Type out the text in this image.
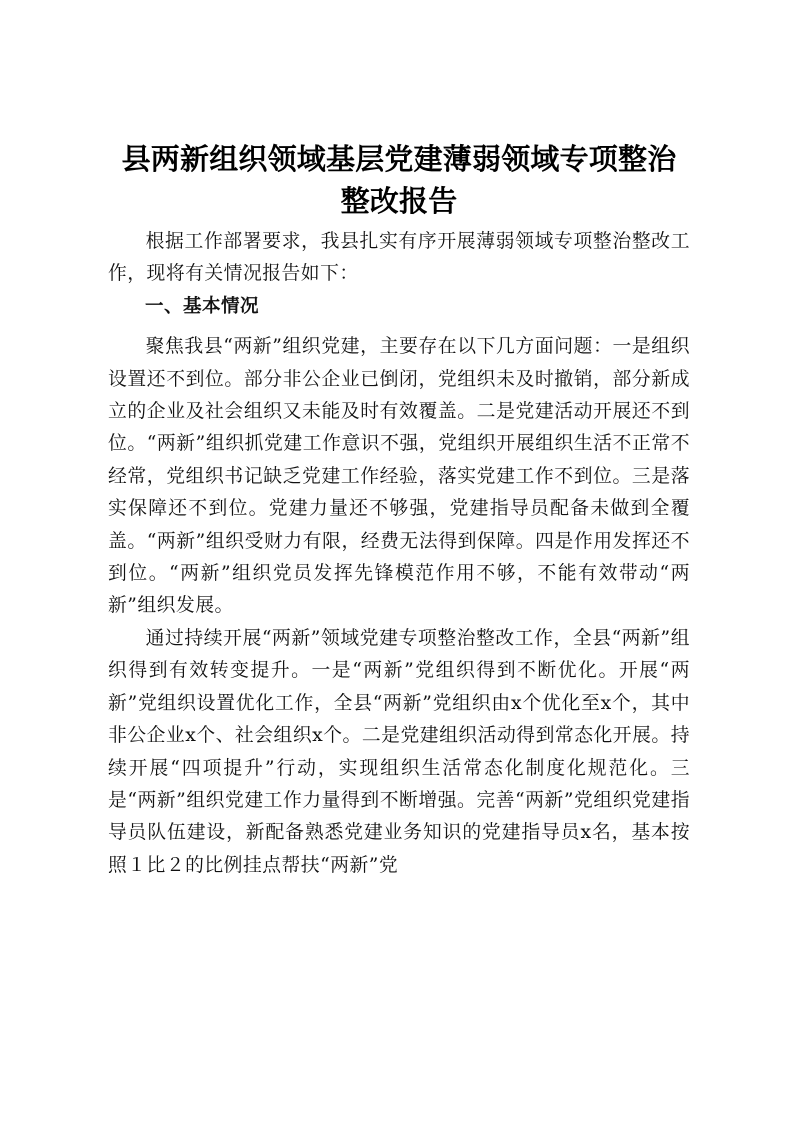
县两新组织领域基层党建薄弱领域专项整治整改报告

根据工作部署要求，我县扎实有序开展薄弱领域专项整治整改工作，现将有关情况报告如下：

一、基本情况

聚焦我县“两新”组织党建，主要存在以下几方面问题：一是组织设置还不到位。部分非公企业已倒闭，党组织未及时撤销，部分新成立的企业及社会组织又未能及时有效覆盖。二是党建活动开展还不到位。“两新”组织抓党建工作意识不强，党组织开展组织生活不正常不经常，党组织书记缺乏党建工作经验，落实党建工作不到位。三是落实保障还不到位。党建力量还不够强，党建指导员配备未做到全覆盖。“两新”组织受财力有限，经费无法得到保障。四是作用发挥还不到位。“两新”组织党员发挥先锋模范作用不够，不能有效带动“两新”组织发展。

通过持续开展“两新”领域党建专项整治整改工作，全县“两新”组织得到有效转变提升。一是“两新”党组织得到不断优化。开展“两新”党组织设置优化工作，全县“两新”党组织由x个优化至x个，其中非公企业x个、社会组织x个。二是党建组织活动得到常态化开展。持续开展“四项提升”行动，实现组织生活常态化制度化规范化。三是“两新”组织党建工作力量得到不断增强。完善“两新”党组织党建指导员队伍建设，新配备熟悉党建业务知识的党建指导员x名，基本按照１比２的比例挂点帮扶“两新”党
